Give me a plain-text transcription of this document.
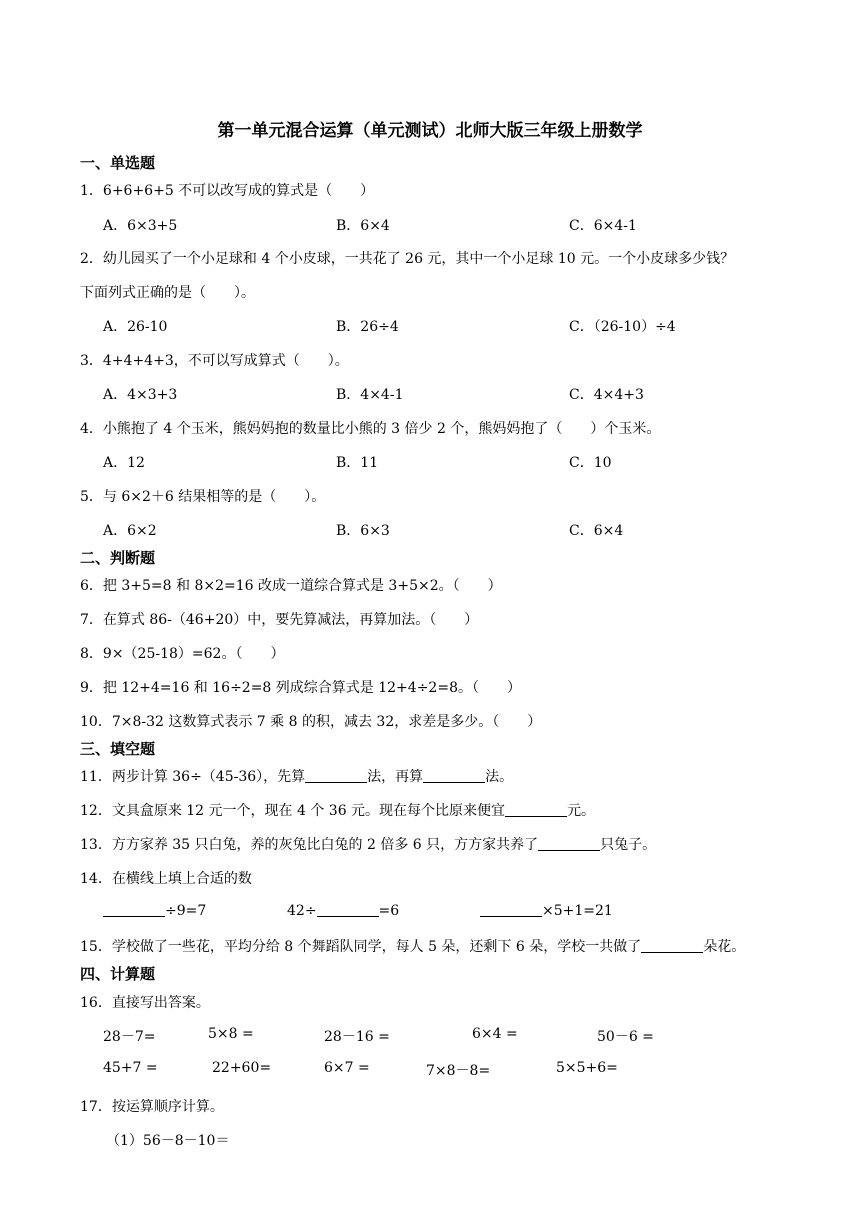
第一单元混合运算（单元测试）北师大版三年级上册数学
一、单选题
1．6+6+6+5 不可以改写成的算式是（　　）
A．6×3+5	B．6×4	C．6×4-1
2．幼儿园买了一个小足球和 4 个小皮球，一共花了 26 元，其中一个小足球 10 元。一个小皮球多少钱？
下面列式正确的是（　　）。
A．26-10	B．26÷4	C．（26-10）÷4
3．4+4+4+3，不可以写成算式（　　）。
A．4×3+3	B．4×4-1	C．4×4+3
4．小熊抱了 4 个玉米，熊妈妈抱的数量比小熊的 3 倍少 2 个，熊妈妈抱了（　　）个玉米。
A．12	B．11	C．10
5．与 6×2＋6 结果相等的是（　　）。
A．6×2	B．6×3	C．6×4
二、判断题
6．把 3+5=8 和 8×2=16 改成一道综合算式是 3+5×2。（　　）
7．在算式 86-（46+20）中，要先算减法，再算加法。（　　）
8．9×（25-18）=62。（　　）
9．把 12+4=16 和 16÷2=8 列成综合算式是 12+4÷2=8。（　　）
10．7×8-32 这数算式表示 7 乘 8 的积，减去 32，求差是多少。（　　）
三、填空题
11．两步计算 36÷（45-36），先算	法，再算	法。
12．文具盒原来 12 元一个，现在 4 个 36 元。现在每个比原来便宜	元。
13．方方家养 35 只白兔，养的灰兔比白兔的 2 倍多 6 只，方方家共养了	只兔子。
14．在横线上填上合适的数
÷9=7	42÷	=6	×5+1=21
15．学校做了一些花，平均分给 8 个舞蹈队同学，每人 5 朵，还剩下 6 朵，学校一共做了	朵花。
四、计算题
16．直接写出答案。
28－7=	5×8 =	28－16 =	6×4 =	50－6 =
45+7 =	22+60=	6×7 =	7×8－8=	5×5+6=
17．按运算顺序计算。
（1）56－8－10＝
